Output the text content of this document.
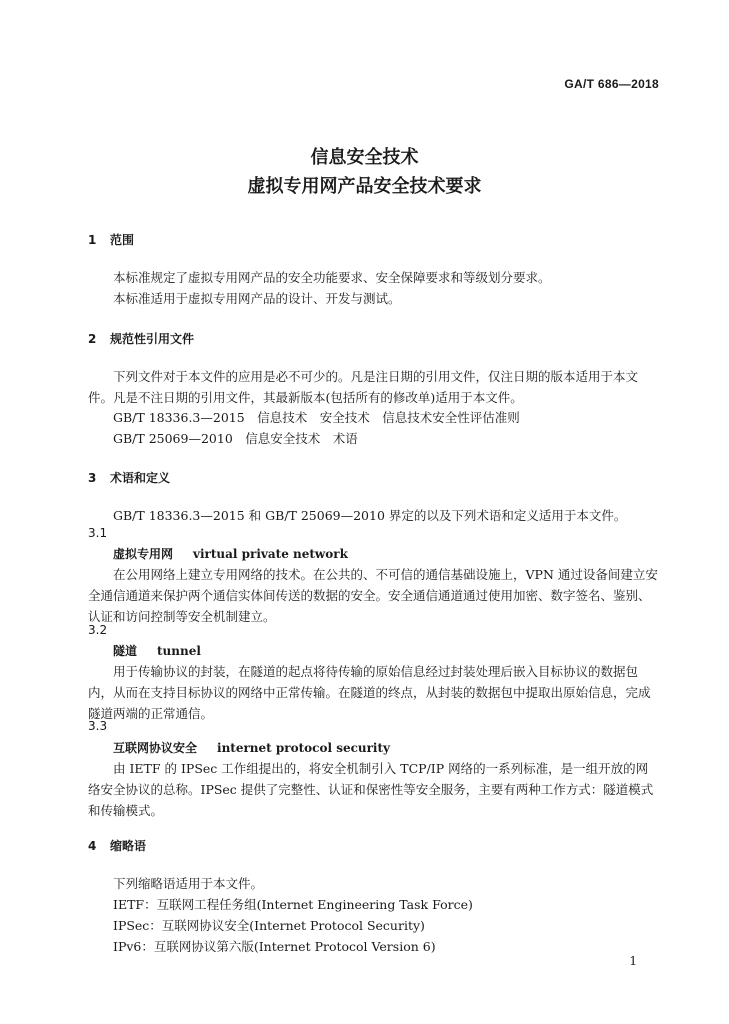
GA/T 686—2018
信息安全技术
虚拟专用网产品安全技术要求
1 范围
本标准规定了虚拟专用网产品的安全功能要求、安全保障要求和等级划分要求。
本标准适用于虚拟专用网产品的设计、开发与测试。
2 规范性引用文件
下列文件对于本文件的应用是必不可少的。凡是注日期的引用文件，仅注日期的版本适用于本文件。凡是不注日期的引用文件，其最新版本(包括所有的修改单)适用于本文件。
GB/T 18336.3—2015　信息技术　安全技术　信息技术安全性评估准则
GB/T 25069—2010　信息安全技术　术语
3 术语和定义
GB/T 18336.3—2015 和 GB/T 25069—2010 界定的以及下列术语和定义适用于本文件。
3.1
虚拟专用网 virtual private network
在公用网络上建立专用网络的技术。在公共的、不可信的通信基础设施上，VPN 通过设备间建立安全通信通道来保护两个通信实体间传送的数据的安全。安全通信通道通过使用加密、数字签名、鉴别、认证和访问控制等安全机制建立。
3.2
隧道 tunnel
用于传输协议的封装，在隧道的起点将待传输的原始信息经过封装处理后嵌入目标协议的数据包内，从而在支持目标协议的网络中正常传输。在隧道的终点，从封装的数据包中提取出原始信息，完成隧道两端的正常通信。
3.3
互联网协议安全 internet protocol security
由 IETF 的 IPSec 工作组提出的，将安全机制引入 TCP/IP 网络的一系列标准，是一组开放的网络安全协议的总称。IPSec 提供了完整性、认证和保密性等安全服务，主要有两种工作方式：隧道模式和传输模式。
4 缩略语
下列缩略语适用于本文件。
IETF：互联网工程任务组(Internet Engineering Task Force)
IPSec：互联网协议安全(Internet Protocol Security)
IPv6：互联网协议第六版(Internet Protocol Version 6)
1
